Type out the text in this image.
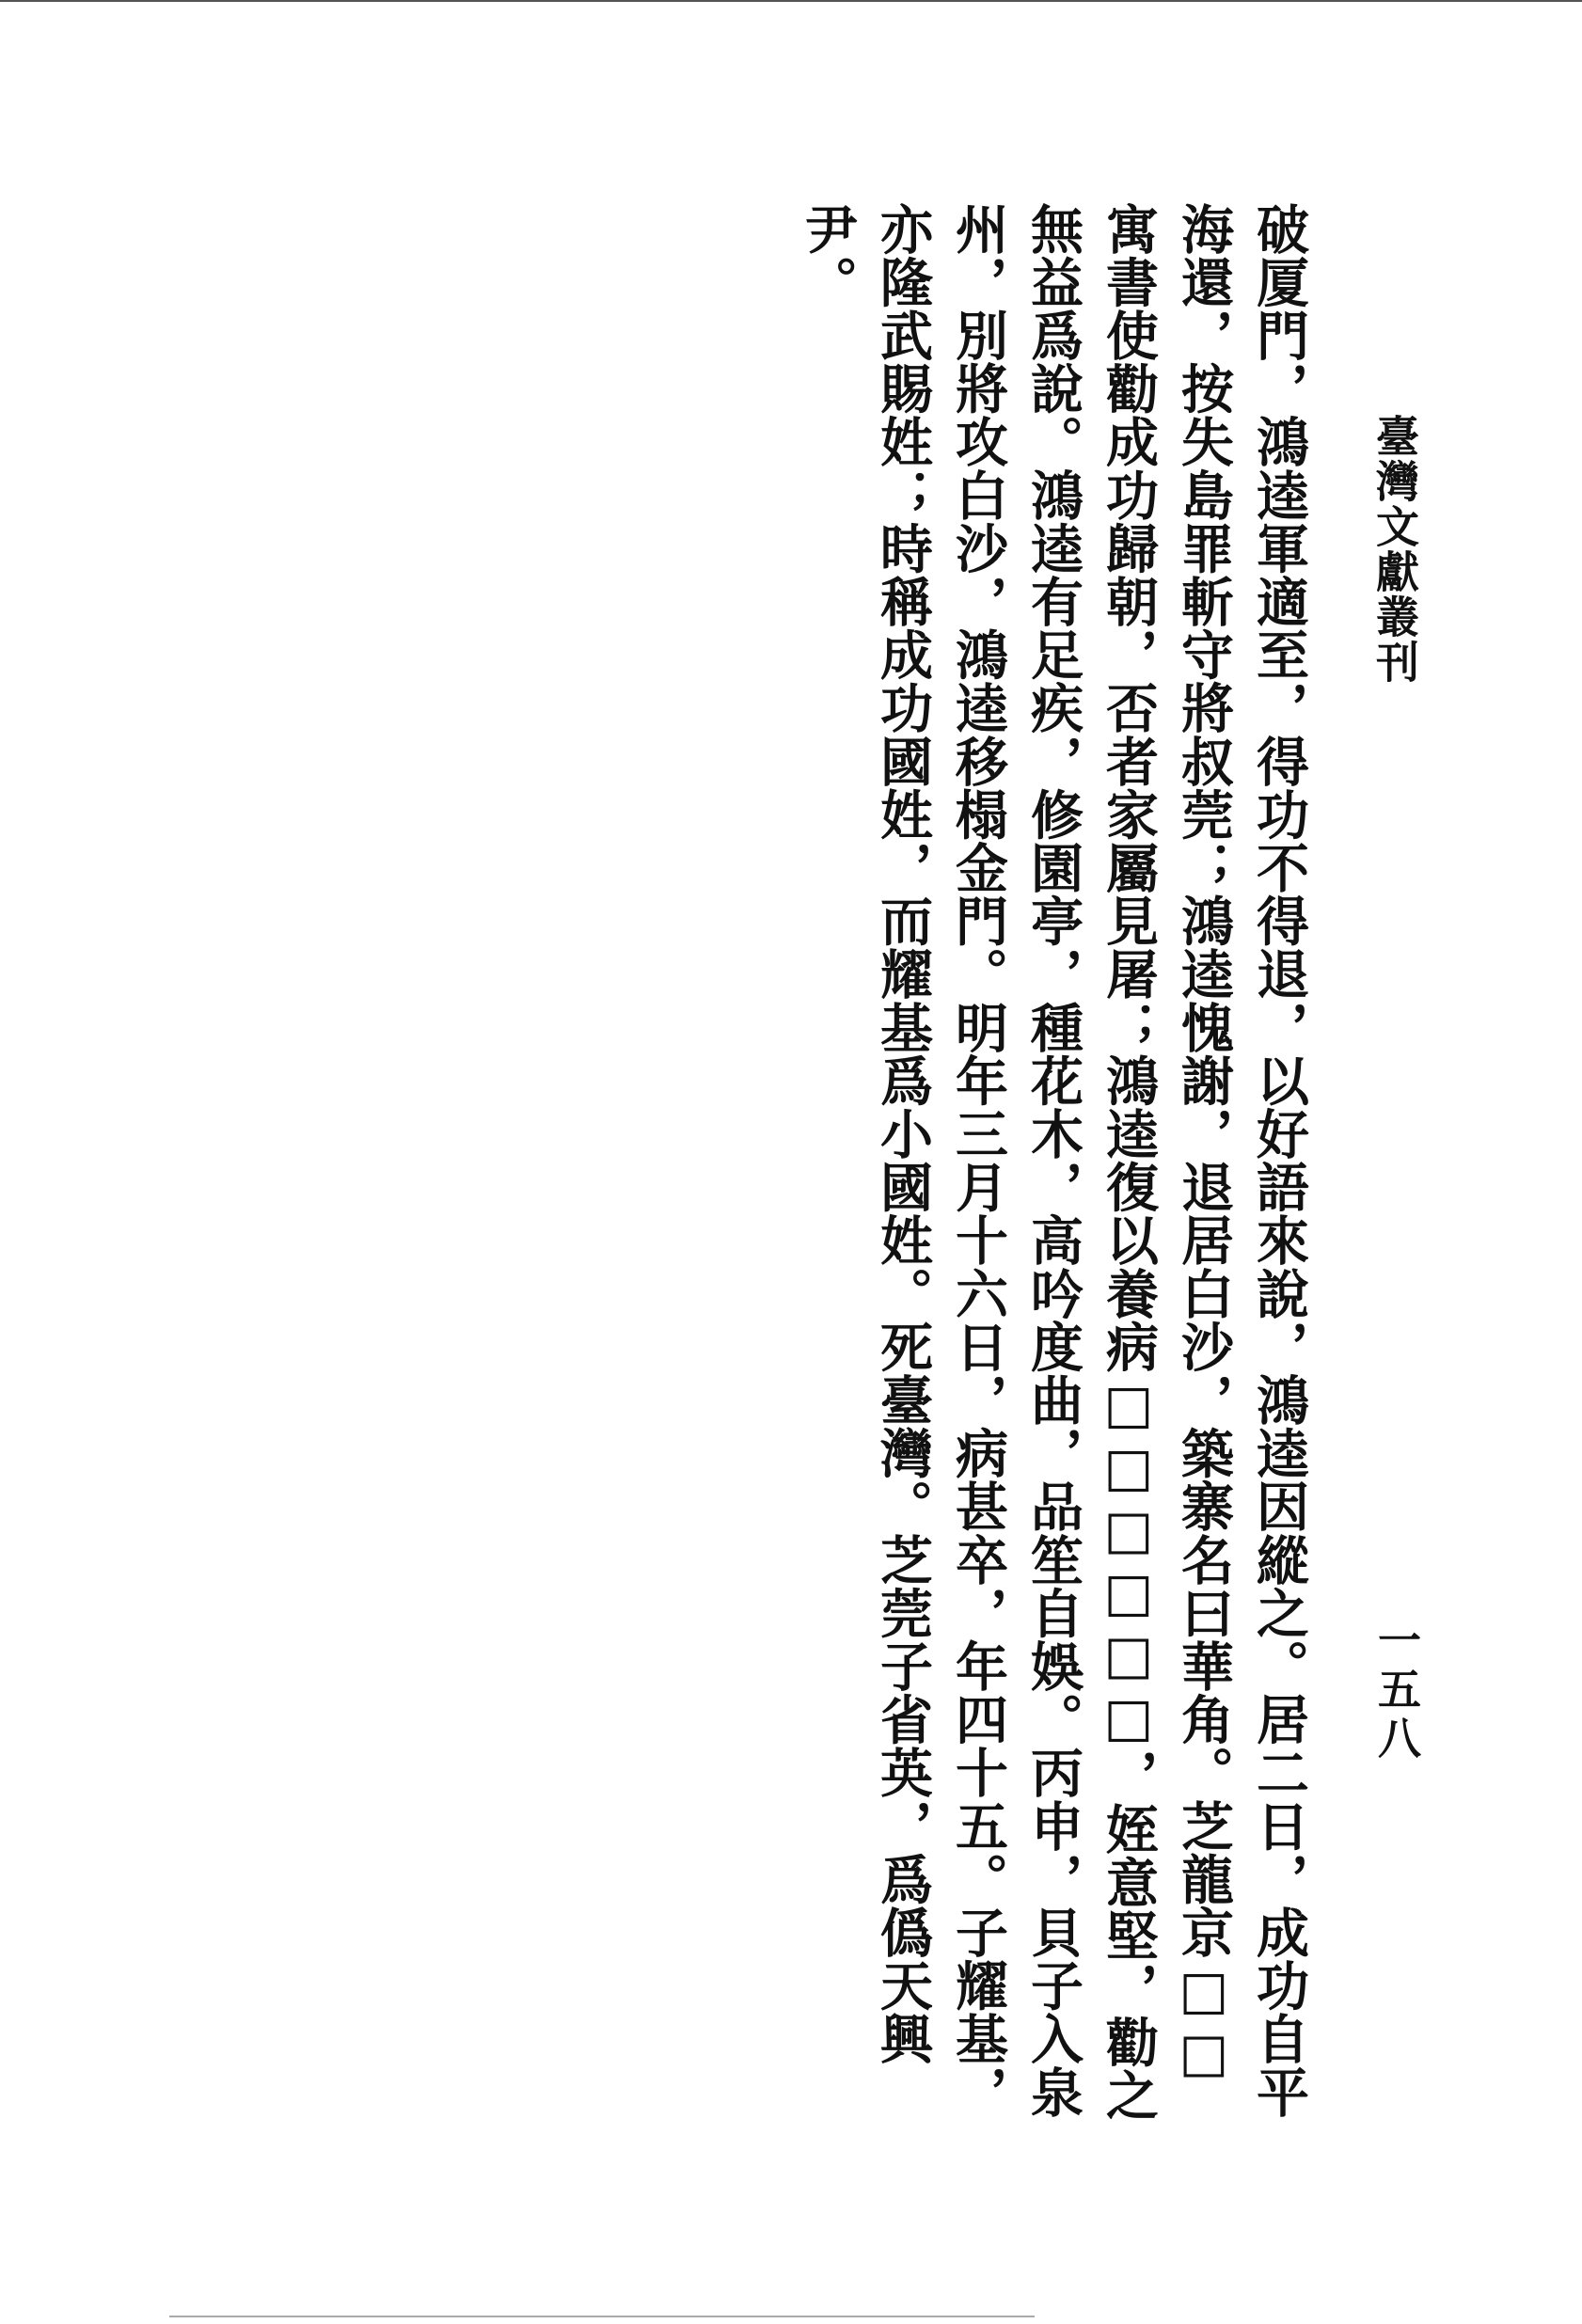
臺灣文獻叢刊
一五八

破厦門，鴻逵軍適至，得功不得退，以好語來說，鴻逵因縱之。居二日，成功自平海還，按失島罪斬守將叔莞；鴻逵愧謝，退居白沙，築寨名曰華角。芝龍京□□寓書使勸成功歸朝，否者家屬見屠；鴻逵復以養病□□□□□□，姪意堅，勸之無益爲說。鴻逵有足疾，修園亭，種花木，高吟度曲，品笙自娛。丙申，貝子入泉州，別將攻白沙，鴻逵移榻金門。明年三月十六日，病甚卒，年四十五。子耀基，亦隆武賜姓；時稱成功國姓，而耀基爲小國姓。死臺灣。芝莞子省英，爲僞天興尹。
